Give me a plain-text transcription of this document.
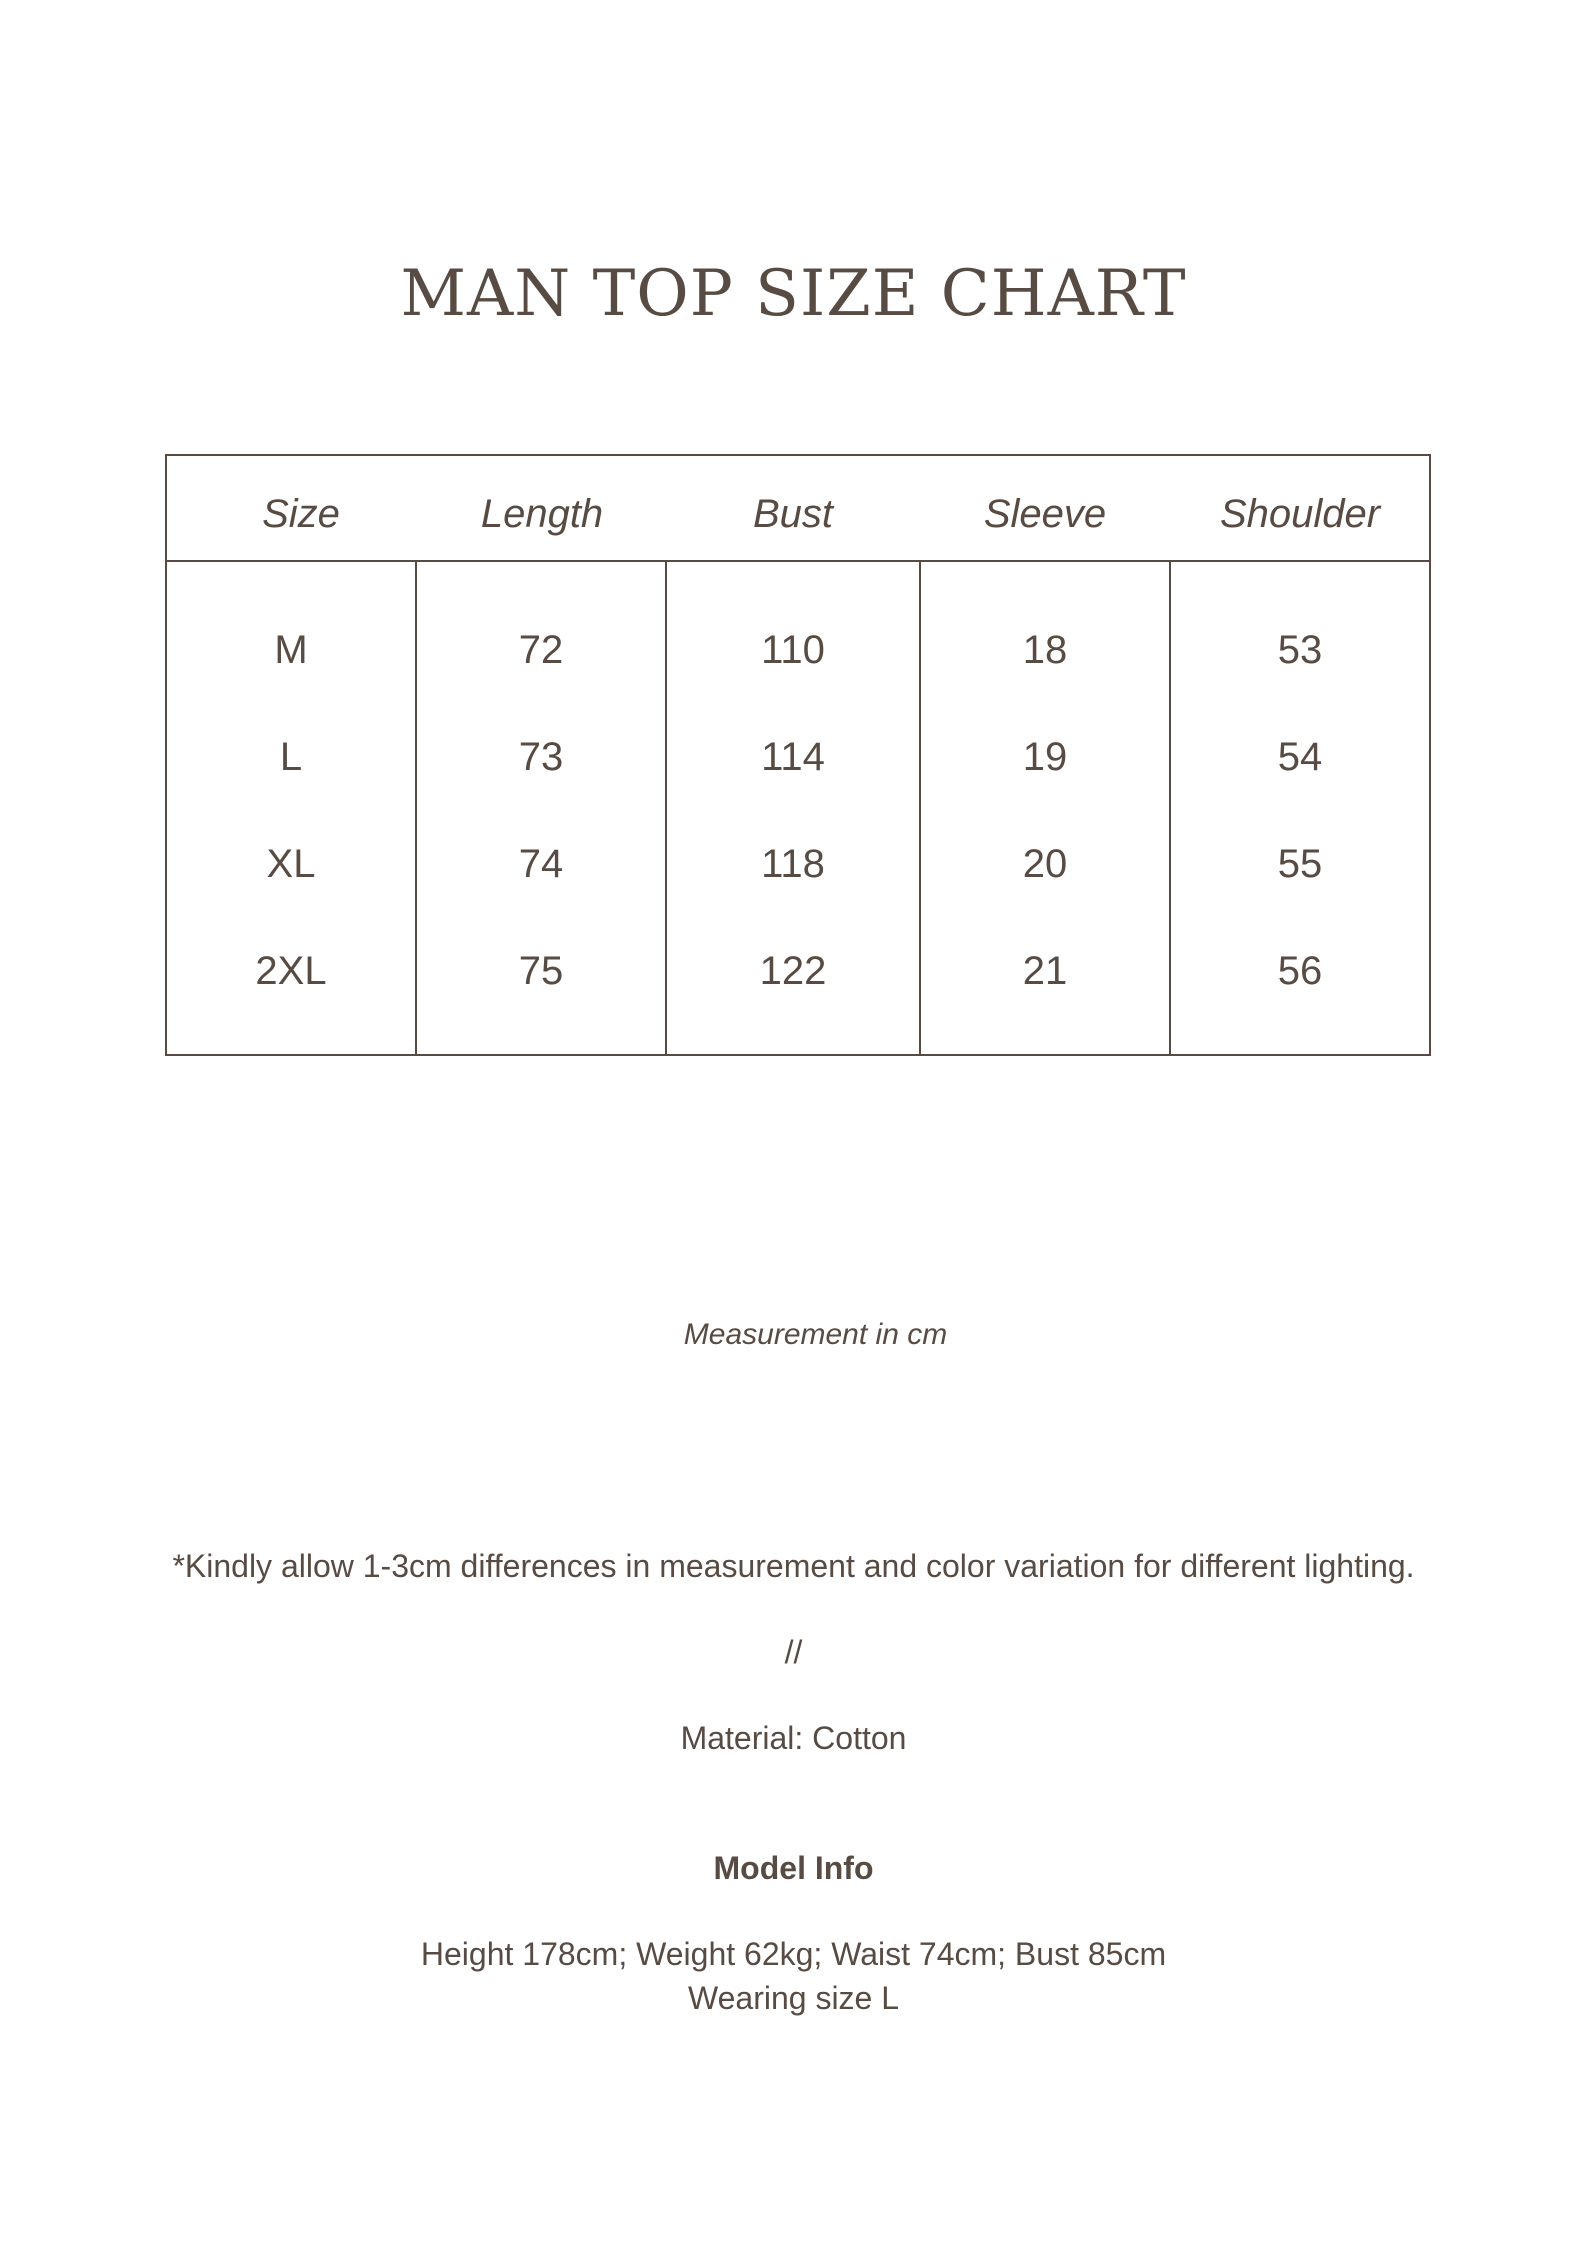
MAN TOP SIZE CHART
Size	Length	Bust	Sleeve	Shoulder
M	72	110	18	53
L	73	114	19	54
XL	74	118	20	55
2XL	75	122	21	56
Measurement in cm
*Kindly allow 1-3cm differences in measurement and color variation for different lighting.
//
Material: Cotton
Model Info
Height 178cm; Weight 62kg; Waist 74cm; Bust 85cm
Wearing size L
